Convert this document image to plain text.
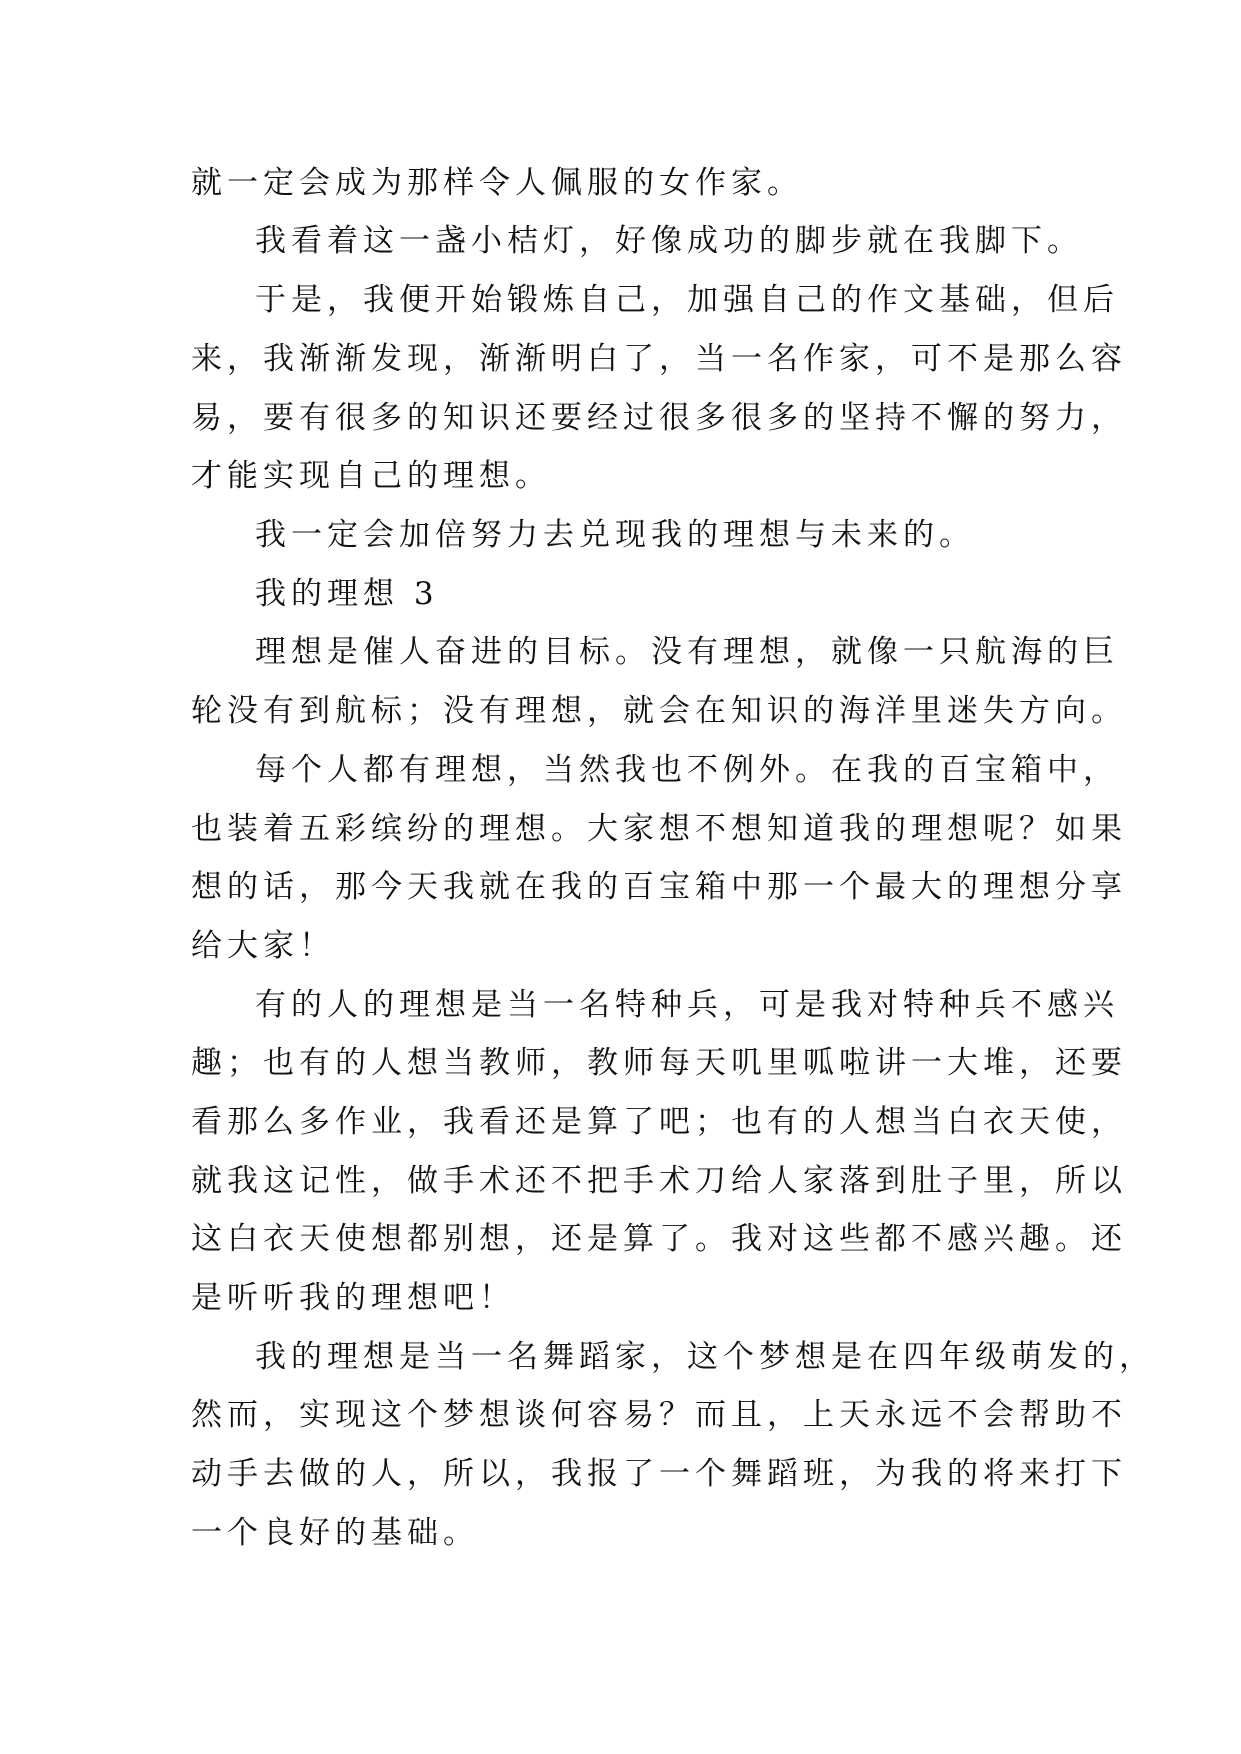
就一定会成为那样令人佩服的女作家。

我看着这一盏小桔灯，好像成功的脚步就在我脚下。

于是，我便开始锻炼自己，加强自己的作文基础，但后

来，我渐渐发现，渐渐明白了，当一名作家，可不是那么容

易，要有很多的知识还要经过很多很多的坚持不懈的努力，

才能实现自己的理想。

我一定会加倍努力去兑现我的理想与未来的。

我的理想 3

理想是催人奋进的目标。没有理想，就像一只航海的巨

轮没有到航标；没有理想，就会在知识的海洋里迷失方向。

每个人都有理想，当然我也不例外。在我的百宝箱中，

也装着五彩缤纷的理想。大家想不想知道我的理想呢？如果

想的话，那今天我就在我的百宝箱中那一个最大的理想分享

给大家！

有的人的理想是当一名特种兵，可是我对特种兵不感兴

趣；也有的人想当教师，教师每天叽里呱啦讲一大堆，还要

看那么多作业，我看还是算了吧；也有的人想当白衣天使，

就我这记性，做手术还不把手术刀给人家落到肚子里，所以

这白衣天使想都别想，还是算了。我对这些都不感兴趣。还

是听听我的理想吧！

我的理想是当一名舞蹈家，这个梦想是在四年级萌发的，

然而，实现这个梦想谈何容易？而且，上天永远不会帮助不

动手去做的人，所以，我报了一个舞蹈班，为我的将来打下

一个良好的基础。
